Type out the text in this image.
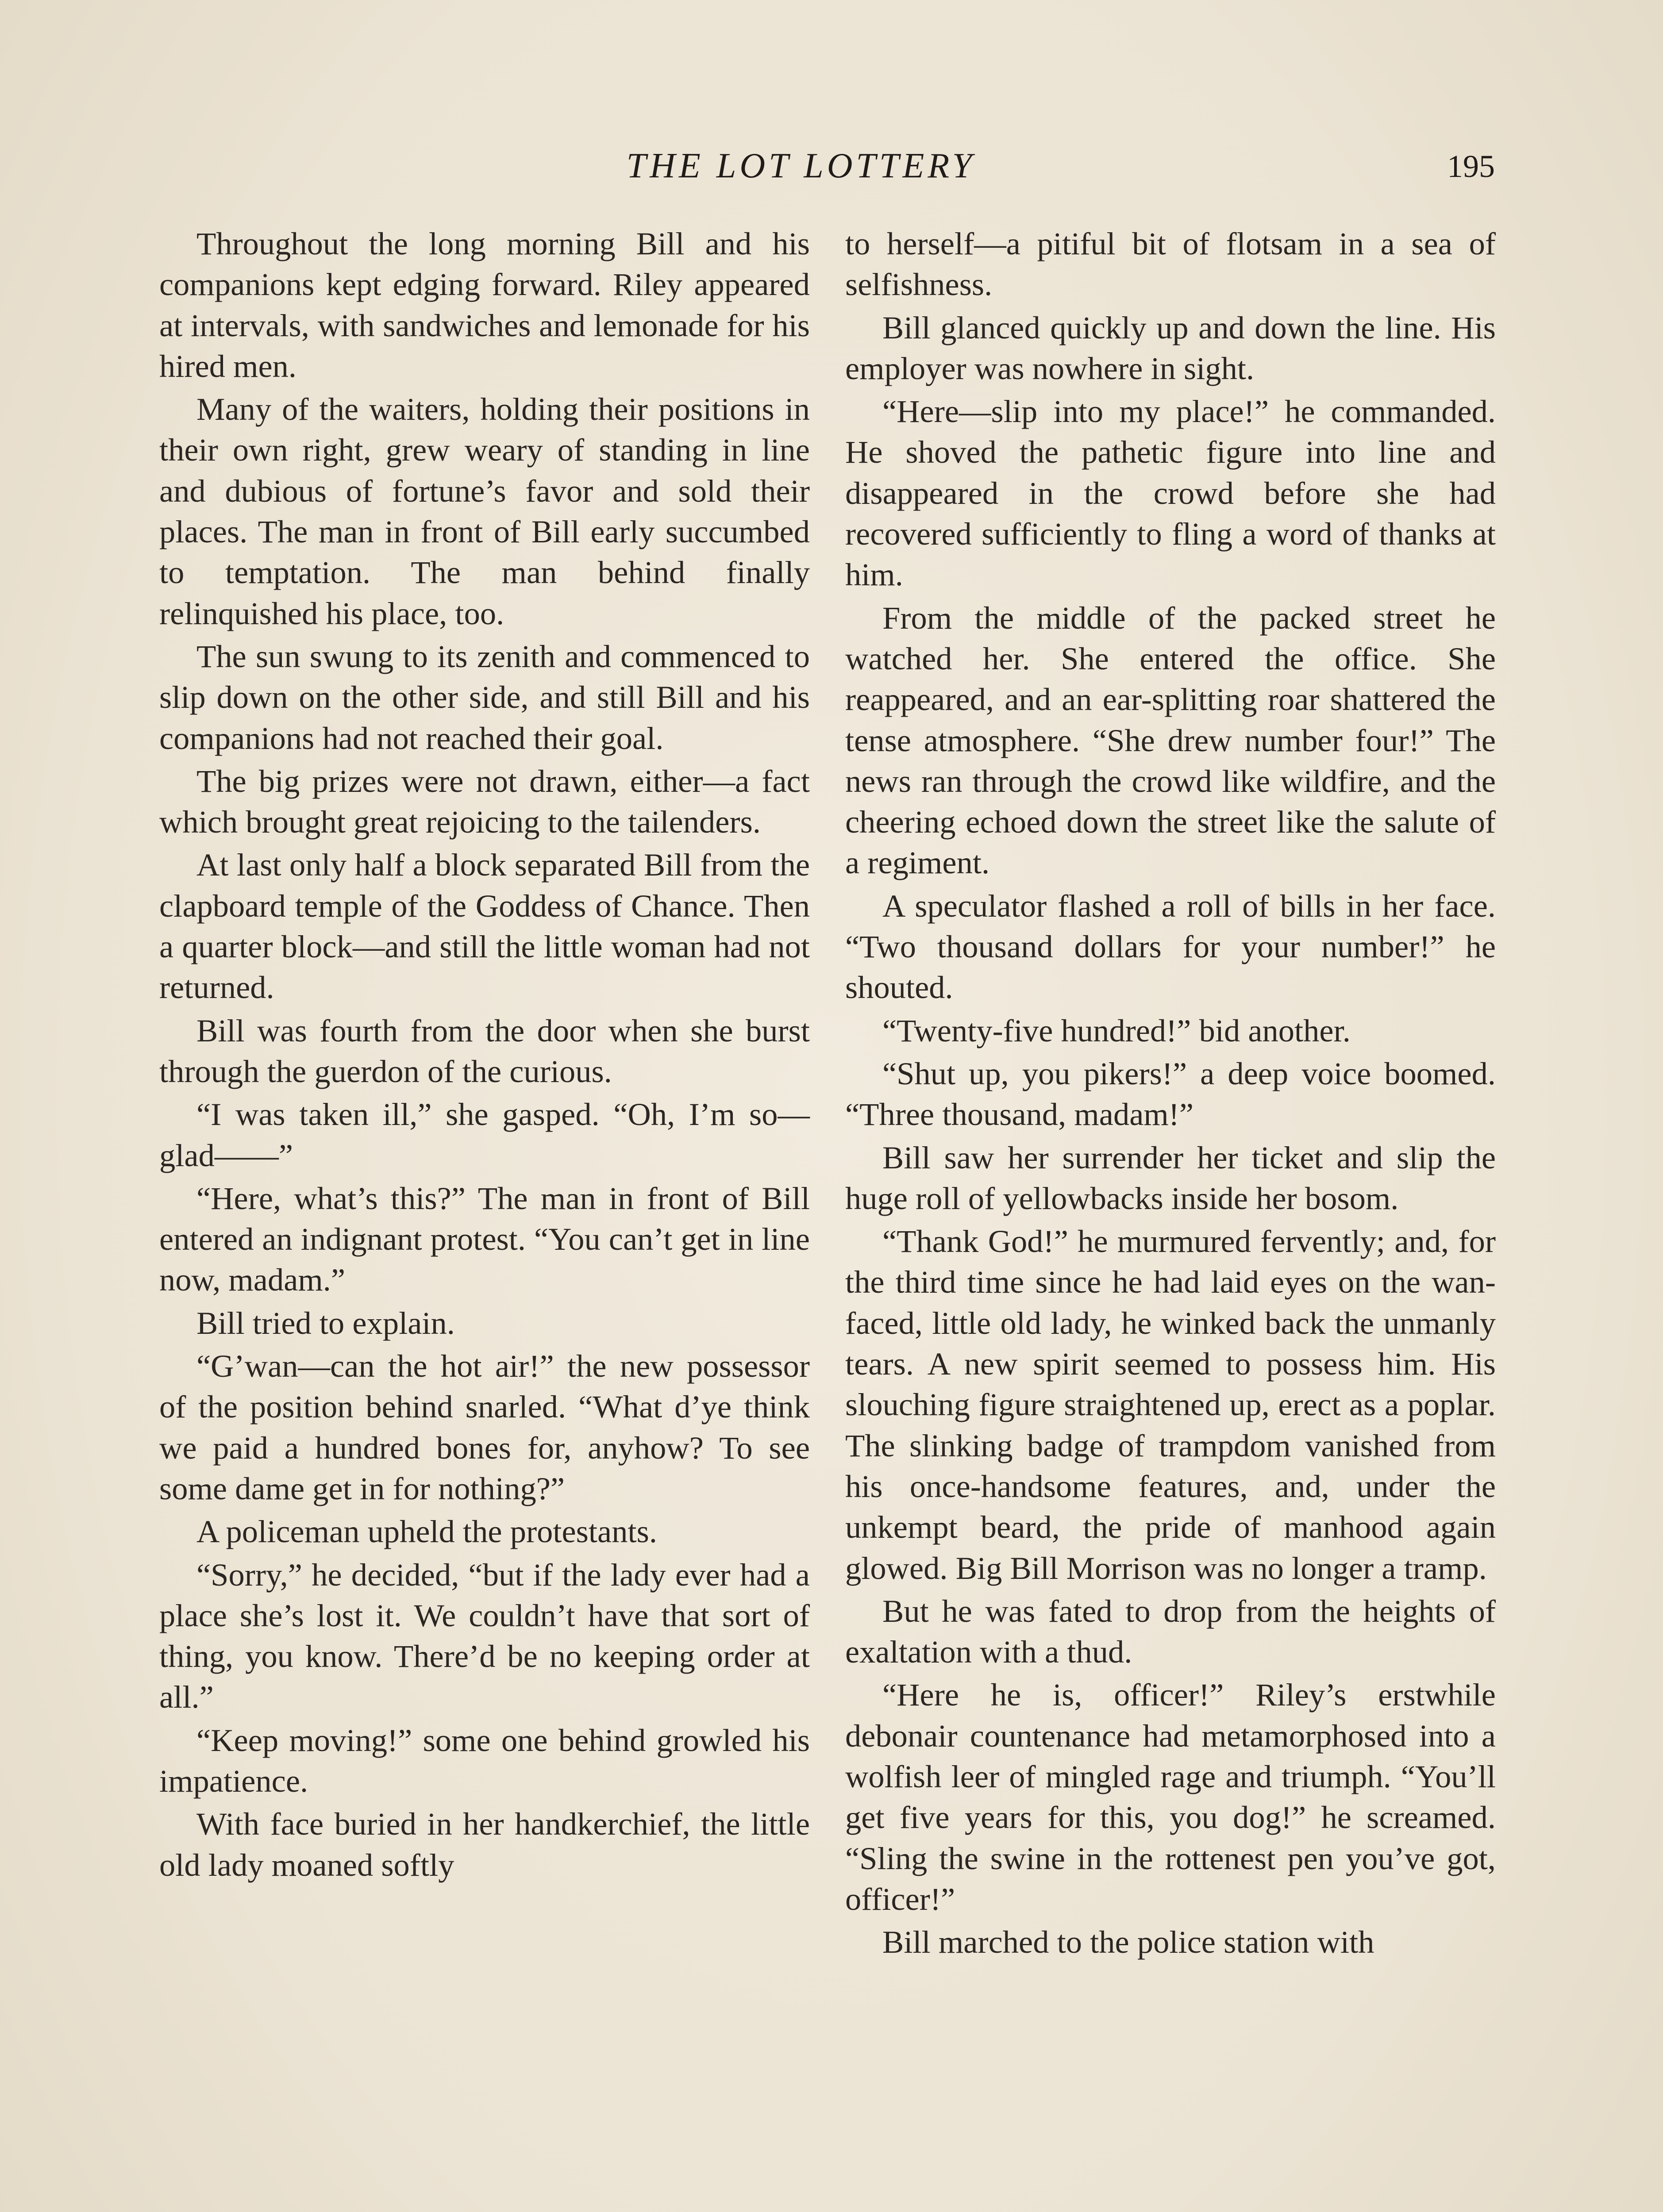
THE LOT LOTTERY	195

Throughout the long morning Bill and his companions kept edging forward. Riley appeared at intervals, with sandwiches and lemonade for his hired men.

Many of the waiters, holding their positions in their own right, grew weary of standing in line and dubious of fortune’s favor and sold their places. The man in front of Bill early succumbed to temptation. The man behind finally relinquished his place, too.

The sun swung to its zenith and commenced to slip down on the other side, and still Bill and his companions had not reached their goal.

The big prizes were not drawn, either—a fact which brought great rejoicing to the tailenders.

At last only half a block separated Bill from the clapboard temple of the Goddess of Chance. Then a quarter block—and still the little woman had not returned.

Bill was fourth from the door when she burst through the guerdon of the curious.

“I was taken ill,” she gasped. “Oh, I’m so—glad——”

“Here, what’s this?” The man in front of Bill entered an indignant protest. “You can’t get in line now, madam.”

Bill tried to explain.

“G’wan—can the hot air!” the new possessor of the position behind snarled. “What d’ye think we paid a hundred bones for, anyhow? To see some dame get in for nothing?”

A policeman upheld the protestants.

“Sorry,” he decided, “but if the lady ever had a place she’s lost it. We couldn’t have that sort of thing, you know. There’d be no keeping order at all.”

“Keep moving!” some one behind growled his impatience.

With face buried in her handkerchief, the little old lady moaned softly

to herself—a pitiful bit of flotsam in a sea of selfishness.

Bill glanced quickly up and down the line. His employer was nowhere in sight.

“Here—slip into my place!” he commanded. He shoved the pathetic figure into line and disappeared in the crowd before she had recovered sufficiently to fling a word of thanks at him.

From the middle of the packed street he watched her. She entered the office. She reappeared, and an ear-splitting roar shattered the tense atmosphere. “She drew number four!” The news ran through the crowd like wildfire, and the cheering echoed down the street like the salute of a regiment.

A speculator flashed a roll of bills in her face. “Two thousand dollars for your number!” he shouted.

“Twenty-five hundred!” bid another.

“Shut up, you pikers!” a deep voice boomed. “Three thousand, madam!”

Bill saw her surrender her ticket and slip the huge roll of yellowbacks inside her bosom.

“Thank God!” he murmured fervently; and, for the third time since he had laid eyes on the wan-faced, little old lady, he winked back the unmanly tears. A new spirit seemed to possess him. His slouching figure straightened up, erect as a poplar. The slinking badge of trampdom vanished from his once-handsome features, and, under the unkempt beard, the pride of manhood again glowed. Big Bill Morrison was no longer a tramp.

But he was fated to drop from the heights of exaltation with a thud.

“Here he is, officer!” Riley’s erstwhile debonair countenance had metamorphosed into a wolfish leer of mingled rage and triumph. “You’ll get five years for this, you dog!” he screamed. “Sling the swine in the rottenest pen you’ve got, officer!”

Bill marched to the police station with
